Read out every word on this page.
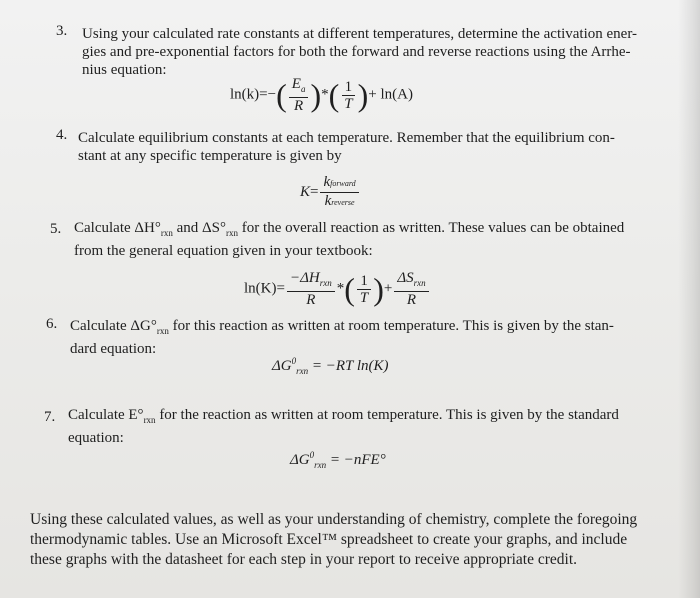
3. Using your calculated rate constants at different temperatures, determine the activation ener-
gies and pre-exponential factors for both the forward and reverse reactions using the Arrhe-
nius equation:
$\ln(k)=-( \frac{E_a}{R}$ )*( $\frac{1}{T}$ )+ ln(A)
4. Calculate equilibrium constants at each temperature. Remember that the equilibrium con-
stant at any specific temperature is given by
$K= \frac{\text{kforward}}{\text{kreverse}}$
5. Calculate $\Delta H^\circ_{rxn}$ and $\Delta S^\circ_{rxn}$ for the overall reaction as written. These values can be obtained
from the general equation given in your textbook:
$\ln(K)= \frac{-\Delta H_{rxn}}{R}$ *( $\frac{1}{T}$ )+ $\frac{\Delta S_{rxn}}{R}$
6. Calculate $\Delta G^\circ_{rxn}$ for this reaction as written at room temperature. This is given by the stan-
dard equation:
$\Delta G^0_{rxn} = -RT$ ln(K)
7. Calculate $E^\circ_{rxn}$ for the reaction as written at room temperature. This is given by the standard
equation:
$\Delta G^0_{rxn} = -nFE^\circ$
Using these calculated values, as well as your understanding of chemistry, complete the foregoing
thermodynamic tables. Use an Microsoft Excel™ spreadsheet to create your graphs, and include
these graphs with the datasheet for each step in your report to receive appropriate credit.
